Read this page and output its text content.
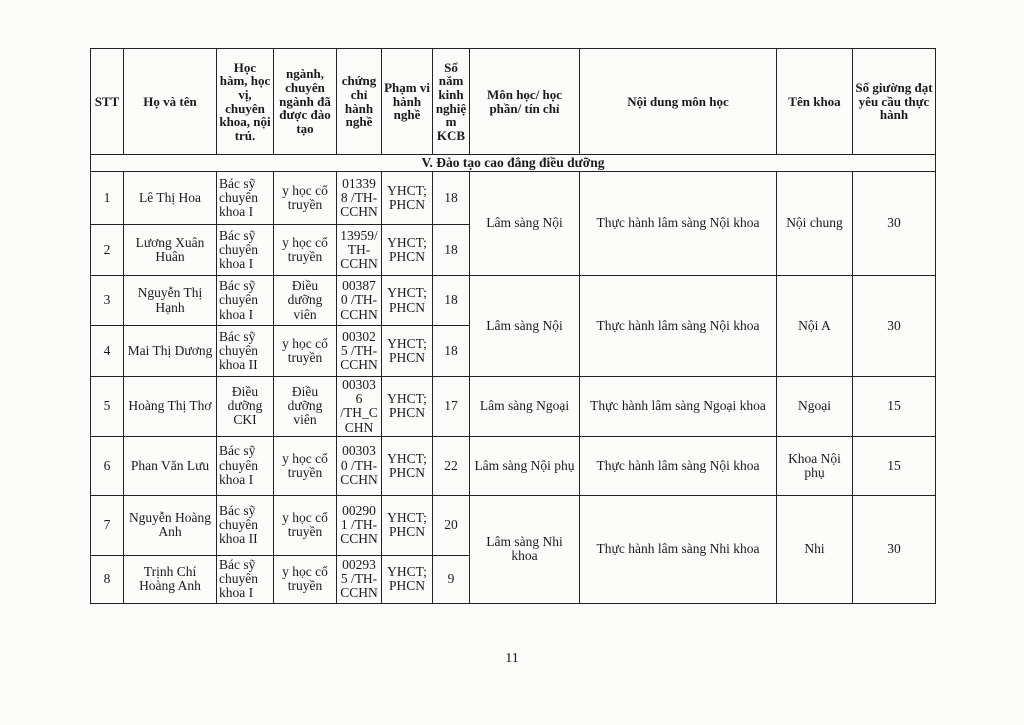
STT	Họ và tên	Học hàm, học vị, chuyên khoa, nội trú.	ngành, chuyên ngành đã được đào tạo	chứng chỉ hành nghề	Phạm vi hành nghề	Số năm kinh nghiệm KCB	Môn học/ học phần/ tín chỉ	Nội dung môn học	Tên khoa	Số giường đạt yêu cầu thực hành
V. Đào tạo cao đẳng điều dưỡng										
1	Lê Thị Hoa	Bác sỹ chuyên khoa I	y học cổ truyền	013398 /TH-CCHN	YHCT; PHCN	18	Lâm sàng Nội	Thực hành lâm sàng Nội khoa	Nội chung	30
2	Lương Xuân Huân	Bác sỹ chuyên khoa I	y học cổ truyền	13959/ TH-CCHN	YHCT; PHCN	18				
3	Nguyễn Thị Hạnh	Bác sỹ chuyên khoa I	Điều dưỡng viên	003870 /TH-CCHN	YHCT; PHCN	18	Lâm sàng Nội	Thực hành lâm sàng Nội khoa	Nội A	30
4	Mai Thị Dương	Bác sỹ chuyên khoa II	y học cổ truyền	003025 /TH-CCHN	YHCT; PHCN	18				
5	Hoàng Thị Thơ	Điều dưỡng CKI	Điều dưỡng viên	003036 /TH_C CHN	YHCT; PHCN	17	Lâm sàng Ngoại	Thực hành lâm sàng Ngoại khoa	Ngoại	15
6	Phan Văn Lưu	Bác sỹ chuyên khoa I	y học cổ truyền	003030 /TH-CCHN	YHCT; PHCN	22	Lâm sàng Nội phụ	Thực hành lâm sàng Nội khoa	Khoa Nội phụ	15
7	Nguyễn Hoàng Anh	Bác sỹ chuyên khoa II	y học cổ truyền	002901 /TH-CCHN	YHCT; PHCN	20	Lâm sàng Nhi khoa	Thực hành lâm sàng Nhi khoa	Nhi	30
8	Trịnh Chí Hoàng Anh	Bác sỹ chuyên khoa I	y học cổ truyền	002935 /TH-CCHN	YHCT; PHCN	9				
11
